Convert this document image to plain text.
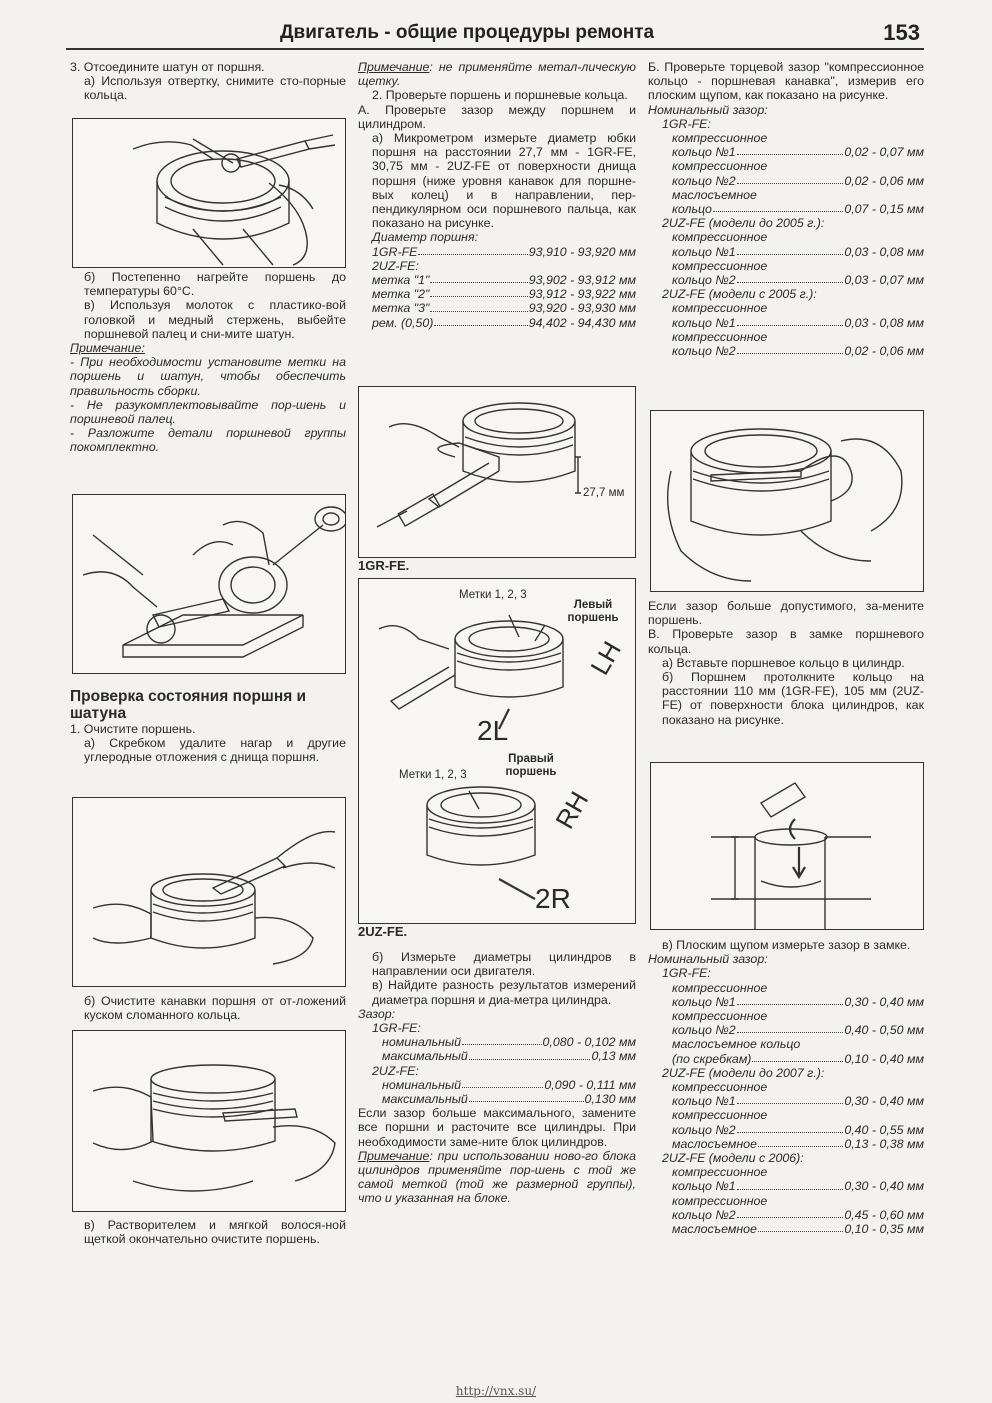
Двигатель - общие процедуры ремонта	153

3. Отсоедините шатун от поршня.

а) Используя отвертку, снимите сто-порные кольца.

б) Постепенно нагрейте поршень до температуры 60°С.

в) Используя молоток с пластико-вой головкой и медный стержень, выбейте поршневой палец и сни-мите шатун.

Примечание:

- При необходимости установите метки на поршень и шатун, чтобы обеспечить правильность сборки.

- Не разукомплектовывайте пор-шень и поршневой палец.

- Разложите детали поршневой группы покомплектно.

Проверка состояния поршня и шатуна

1. Очистите поршень.

а) Скребком удалите нагар и другие углеродные отложения с днища поршня.

б) Очистите канавки поршня от от-ложений куском сломанного кольца.

в) Растворителем и мягкой волося-ной щеткой окончательно очистите поршень.

Примечание: не применяйте метал-лическую щетку.

2. Проверьте поршень и поршневые кольца.

А. Проверьте зазор между поршнем и цилиндром.

а) Микрометром измерьте диаметр юбки поршня на расстоянии 27,7 мм - 1GR-FE, 30,75 мм - 2UZ-FE от поверхности днища поршня (ниже уровня канавок для поршне-вых колец) и в направлении, пер-пендикулярном оси поршневого пальца, как показано на рисунке.

Диаметр поршня:

1GR-FE	93,910 - 93,920 мм

2UZ-FE:

метка "1"	93,902 - 93,912 мм
метка "2"	93,912 - 93,922 мм
метка "3"	93,920 - 93,930 мм
рем. (0,50)	94,402 - 94,430 мм
27,7 мм
1GR-FE.
Метки 1, 2, 3
Левый поршень
LH
2L
Правый поршень
Метки 1, 2, 3
RH
2R
2UZ-FE.

б) Измерьте диаметры цилиндров в направлении оси двигателя.

в) Найдите разность результатов измерений диаметра поршня и диа-метра цилиндра.

Зазор:

1GR-FE:

номинальный	0,080 - 0,102 мм
максимальный	0,13 мм

2UZ-FE:

номинальный	0,090 - 0,111 мм
максимальный	0,130 мм

Если зазор больше максимального, замените все поршни и расточите все цилиндры. При необходимости заме-ните блок цилиндров.

Примечание: при использовании ново-го блока цилиндров применяйте пор-шень с той же самой меткой (той же размерной группы), что и указанная на блоке.

Б. Проверьте торцевой зазор "компрессионное кольцо - поршневая канавка", измерив его плоским щупом, как показано на рисунке.

Номинальный зазор:

1GR-FE:

компрессионное

кольцо №1	0,02 - 0,07 мм

компрессионное

кольцо №2	0,02 - 0,06 мм

маслосъемное

кольцо	0,07 - 0,15 мм

2UZ-FE (модели до 2005 г.):

компрессионное

кольцо №1	0,03 - 0,08 мм

компрессионное

кольцо №2	0,03 - 0,07 мм

2UZ-FE (модели с 2005 г.):

компрессионное

кольцо №1	0,03 - 0,08 мм

компрессионное

кольцо №2	0,02 - 0,06 мм

Если зазор больше допустимого, за-мените поршень.

В. Проверьте зазор в замке поршневого кольца.

а) Вставьте поршневое кольцо в цилиндр.

б) Поршнем протолкните кольцо на расстоянии 110 мм (1GR-FE), 105 мм (2UZ-FE) от поверхности блока цилиндров, как показано на рисунке.

в) Плоским щупом измерьте зазор в замке.

Номинальный зазор:

1GR-FE:

компрессионное

кольцо №1	0,30 - 0,40 мм

компрессионное

кольцо №2	0,40 - 0,50 мм

маслосъемное кольцо

(по скребкам)	0,10 - 0,40 мм

2UZ-FE (модели до 2007 г.):

компрессионное

кольцо №1	0,30 - 0,40 мм

компрессионное

кольцо №2	0,40 - 0,55 мм
маслосъемное	0,13 - 0,38 мм

2UZ-FE (модели с 2006):

компрессионное

кольцо №1	0,30 - 0,40 мм

компрессионное

кольцо №2	0,45 - 0,60 мм
маслосъемное	0,10 - 0,35 мм
http://vnx.su/
